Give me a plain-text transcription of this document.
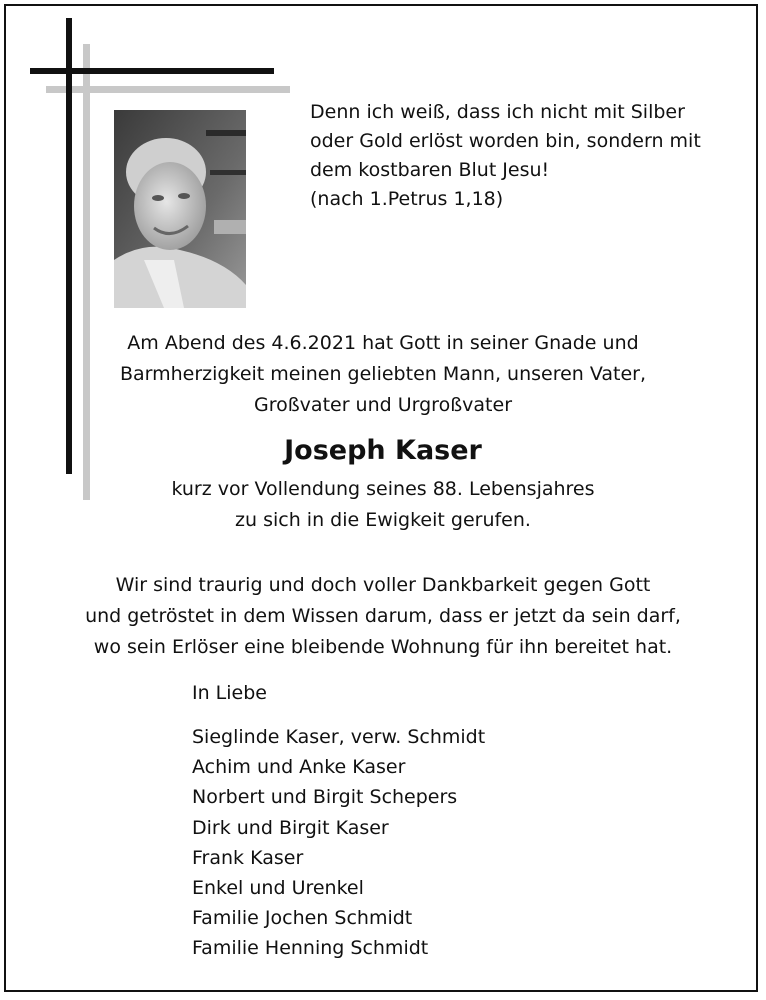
Denn ich weiß, dass ich nicht mit Silber
oder Gold erlöst worden bin, sondern mit
dem kostbaren Blut Jesu!
(nach 1.Petrus 1,18)
Am Abend des 4.6.2021 hat Gott in seiner Gnade und
Barmherzigkeit meinen geliebten Mann, unseren Vater,
Großvater und Urgroßvater
Joseph Kaser
kurz vor Vollendung seines 88. Lebensjahres
zu sich in die Ewigkeit gerufen.
Wir sind traurig und doch voller Dankbarkeit gegen Gott
und getröstet in dem Wissen darum, dass er jetzt da sein darf,
wo sein Erlöser eine bleibende Wohnung für ihn bereitet hat.
In Liebe
Sieglinde Kaser, verw. Schmidt
Achim und Anke Kaser
Norbert und Birgit Schepers
Dirk und Birgit Kaser
Frank Kaser
Enkel und Urenkel
Familie Jochen Schmidt
Familie Henning Schmidt
